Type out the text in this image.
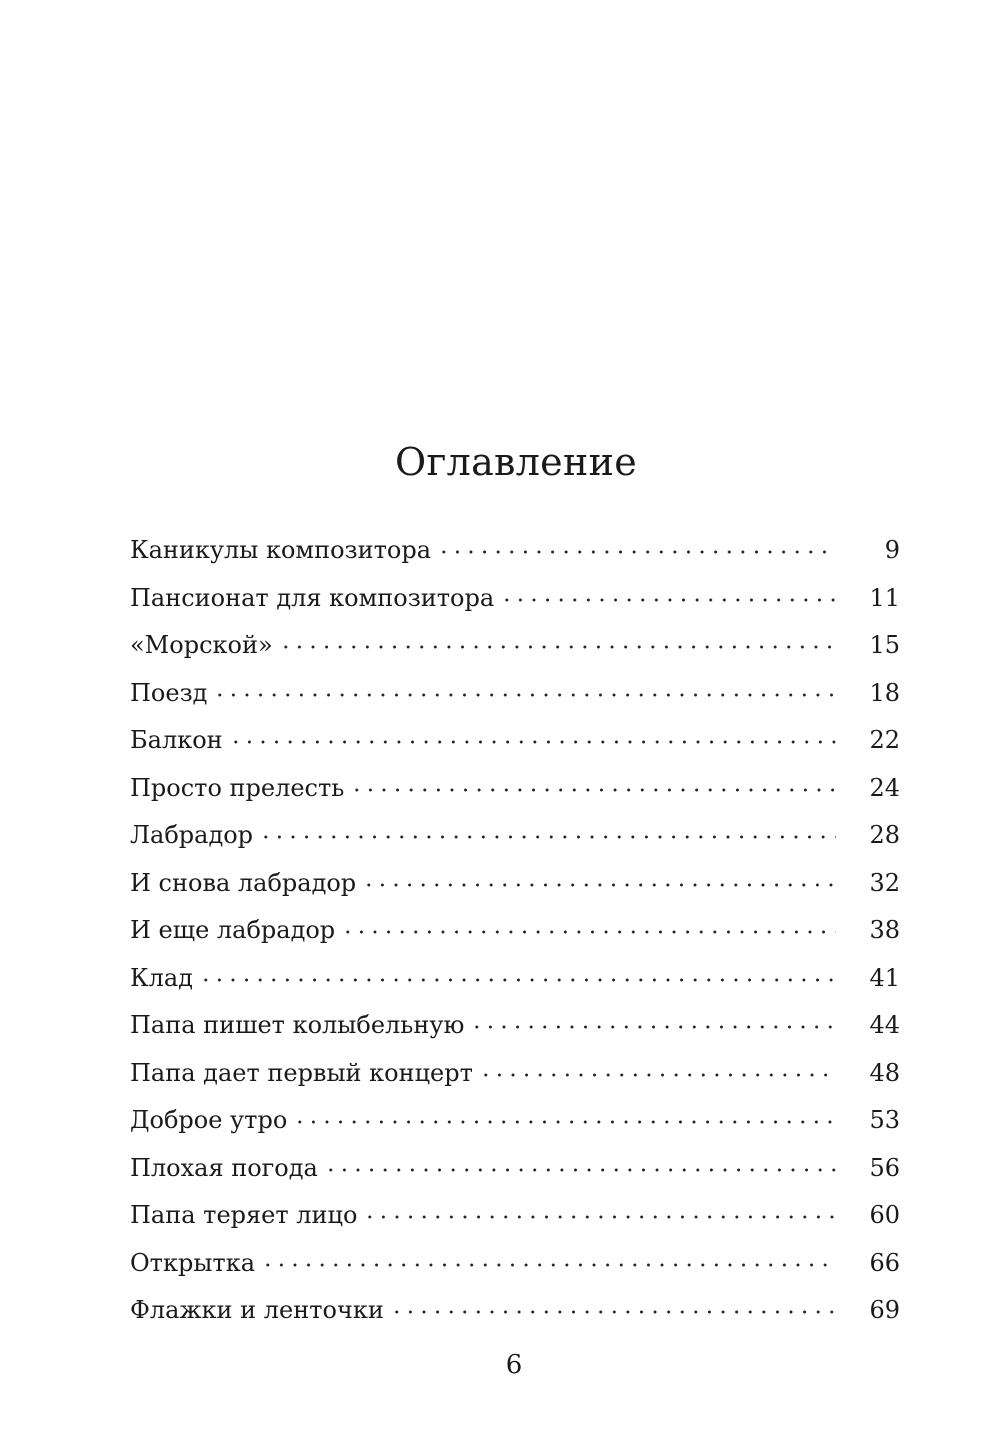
Оглавление
Каникулы композитора	9
Пансионат для композитора	11
«Морской»	15
Поезд	18
Балкон	22
Просто прелесть	24
Лабрадор	28
И снова лабрадор	32
И еще лабрадор	38
Клад	41
Папа пишет колыбельную	44
Папа дает первый концерт	48
Доброе утро	53
Плохая погода	56
Папа теряет лицо	60
Открытка	66
Флажки и ленточки	69
6
